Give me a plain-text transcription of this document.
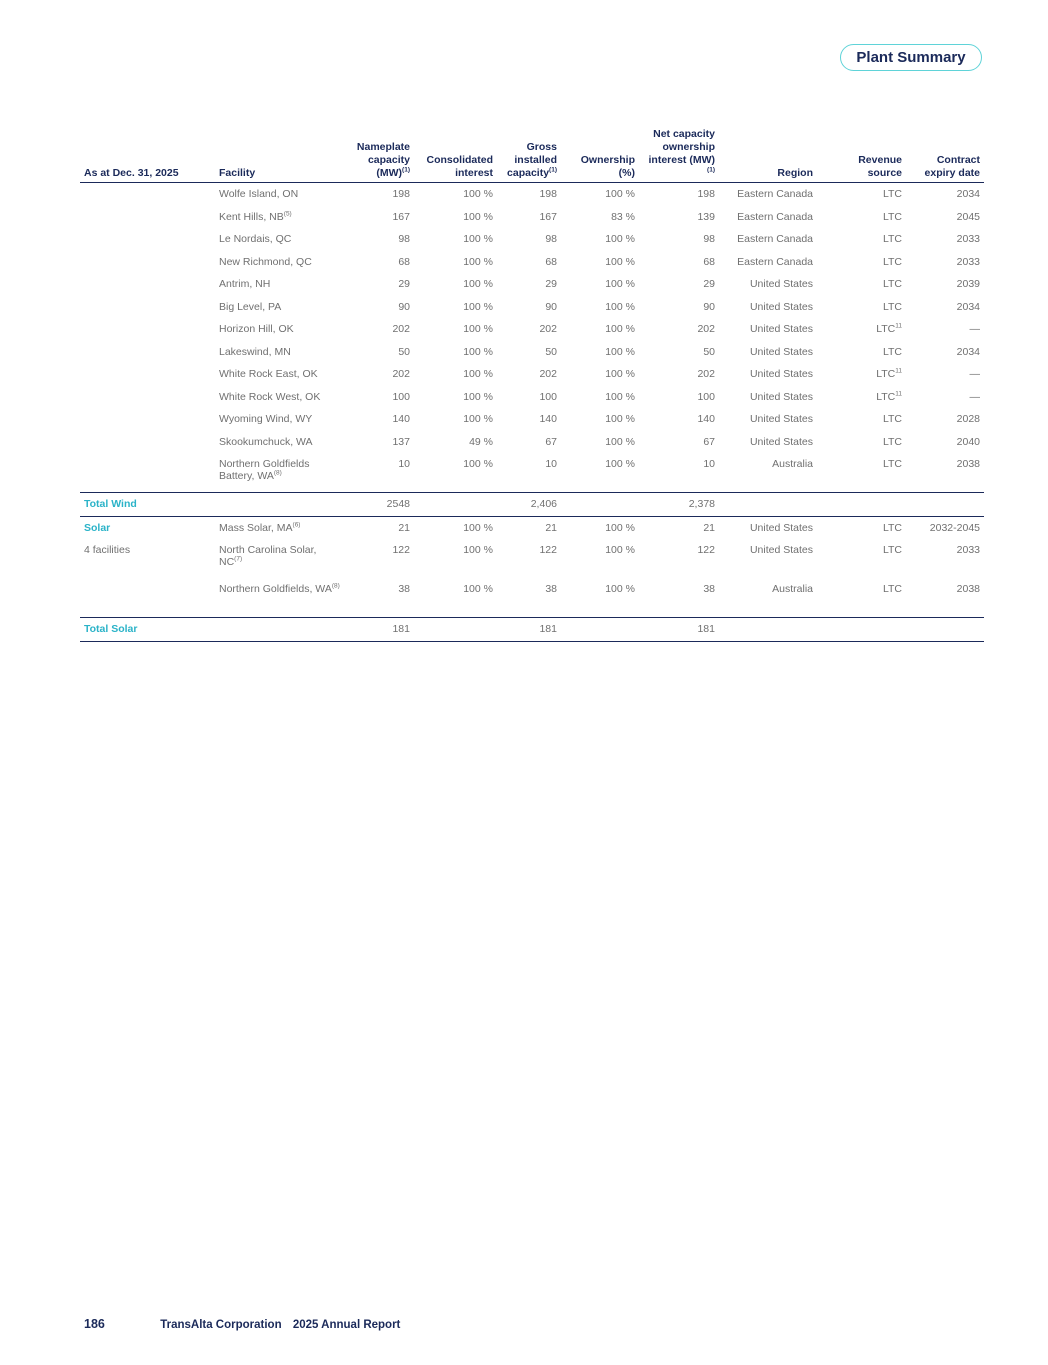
Plant Summary
As at Dec. 31, 2025	Facility	Nameplate capacity (MW)$^{(1)}$	Consolidated interest	Gross installed capacity$^{(1)}$	Ownership (%)	Net capacity ownership interest (MW)$^{(1)}$	Region	Revenue source	Contract expiry date
	Wolfe Island, ON	198	100 %	198	100 %	198	Eastern Canada	LTC	2034
	Kent Hills, NB$^{(5)}$	167	100 %	167	83 %	139	Eastern Canada	LTC	2045
	Le Nordais, QC	98	100 %	98	100 %	98	Eastern Canada	LTC	2033
	New Richmond, QC	68	100 %	68	100 %	68	Eastern Canada	LTC	2033
	Antrim, NH	29	100 %	29	100 %	29	United States	LTC	2039
	Big Level, PA	90	100 %	90	100 %	90	United States	LTC	2034
	Horizon Hill, OK	202	100 %	202	100 %	202	United States	LTC$^{11}$	—
	Lakeswind, MN	50	100 %	50	100 %	50	United States	LTC	2034
	White Rock East, OK	202	100 %	202	100 %	202	United States	LTC$^{11}$	—
	White Rock West, OK	100	100 %	100	100 %	100	United States	LTC$^{11}$	—
	Wyoming Wind, WY	140	100 %	140	100 %	140	United States	LTC	2028
	Skookumchuck, WA	137	49 %	67	100 %	67	United States	LTC	2040
	Northern Goldfields Battery, WA$^{(8)}$	10	100 %	10	100 %	10	Australia	LTC	2038
Total Wind		2548		2,406		2,378			
Solar	Mass Solar, MA$^{(6)}$	21	100 %	21	100 %	21	United States	LTC	2032-2045
4 facilities	North Carolina Solar, NC$^{(7)}$	122	100 %	122	100 %	122	United States	LTC	2033
	Northern Goldfields, WA$^{(8)}$	38	100 %	38	100 %	38	Australia	LTC	2038
Total Solar		181		181		181			
186	TransAlta Corporation 2025 Annual Report
